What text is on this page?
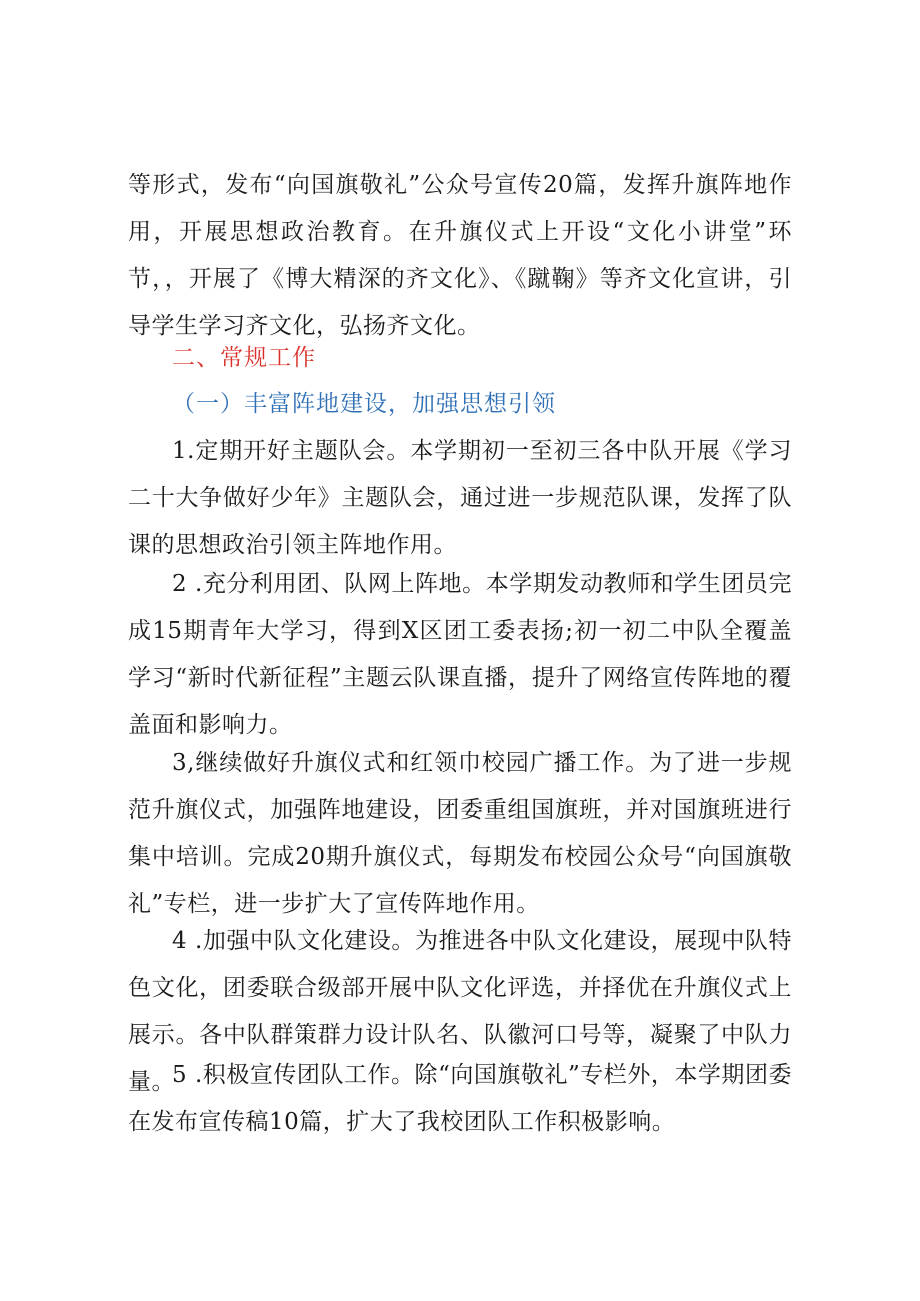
等形式，发布“向国旗敬礼”公众号宣传20篇，发挥升旗阵地作用，开展思想政治教育。在升旗仪式上开设“文化小讲堂”环节，，开展了《博大精深的齐文化》、《蹴鞠》等齐文化宣讲，引导学生学习齐文化，弘扬齐文化。

二、常规工作
（一）丰富阵地建设，加强思想引领

1.定期开好主题队会。本学期初一至初三各中队开展《学习二十大争做好少年》主题队会，通过进一步规范队课，发挥了队课的思想政治引领主阵地作用。

2 .充分利用团、队网上阵地。本学期发动教师和学生团员完成15期青年大学习，得到X区团工委表扬;初一初二中队全覆盖学习“新时代新征程”主题云队课直播，提升了网络宣传阵地的覆盖面和影响力。

3,继续做好升旗仪式和红领巾校园广播工作。为了进一步规范升旗仪式，加强阵地建设，团委重组国旗班，并对国旗班进行集中培训。完成20期升旗仪式，每期发布校园公众号“向国旗敬礼”专栏，进一步扩大了宣传阵地作用。

4 .加强中队文化建设。为推进各中队文化建设，展现中队特色文化，团委联合级部开展中队文化评选，并择优在升旗仪式上展示。各中队群策群力设计队名、队徽河口号等，凝聚了中队力量。

5 .积极宣传团队工作。除“向国旗敬礼”专栏外，本学期团委在发布宣传稿10篇，扩大了我校团队工作积极影响。
